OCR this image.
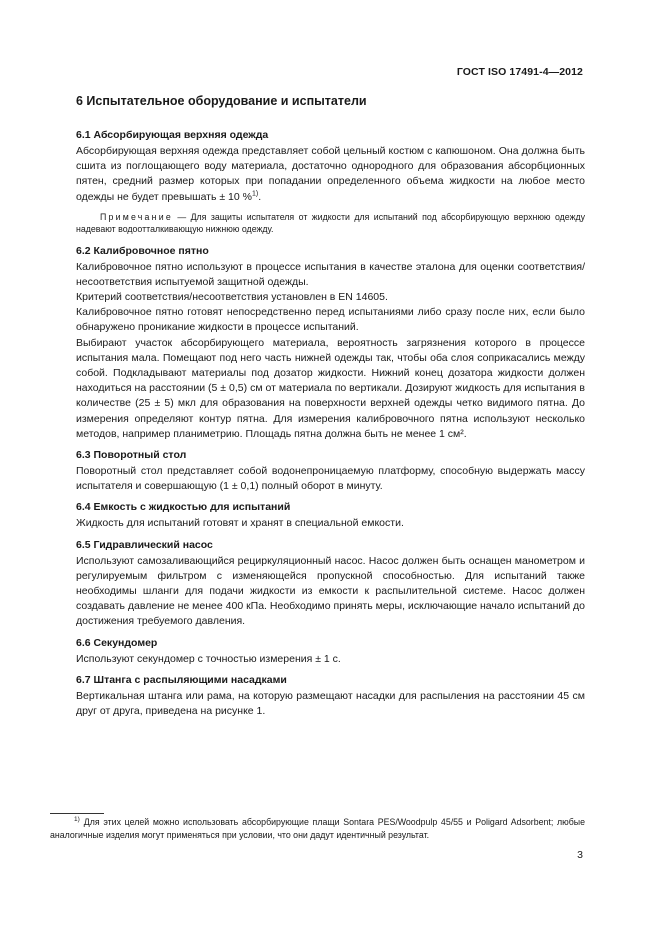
ГОСТ ISO 17491-4—2012
6 Испытательное оборудование и испытатели
6.1 Абсорбирующая верхняя одежда

Абсорбирующая верхняя одежда представляет собой цельный костюм с капюшоном. Она должна быть сшита из поглощающего воду материала, достаточно однородного для образования абсорбционных пятен, средний размер которых при попадании определенного объема жидкости на любое место одежды не будет превышать ± 10 %$^{1)}$.

Примечание — Для защиты испытателя от жидкости для испытаний под абсорбирующую верхнюю одежду надевают водоотталкивающую нижнюю одежду.

6.2 Калибровочное пятно

Калибровочное пятно используют в процессе испытания в качестве эталона для оценки соответствия/несоответствия испытуемой защитной одежды.

Критерий соответствия/несоответствия установлен в EN 14605.

Калибровочное пятно готовят непосредственно перед испытаниями либо сразу после них, если было обнаружено проникание жидкости в процессе испытаний.

Выбирают участок абсорбирующего материала, вероятность загрязнения которого в процессе испытания мала. Помещают под него часть нижней одежды так, чтобы оба слоя соприкасались между собой. Подкладывают материалы под дозатор жидкости. Нижний конец дозатора жидкости должен находиться на расстоянии (5 ± 0,5) см от материала по вертикали. Дозируют жидкость для испытания в количестве (25 ± 5) мкл для образования на поверхности верхней одежды четко видимого пятна. До измерения определяют контур пятна. Для измерения калибровочного пятна используют несколько методов, например планиметрию. Площадь пятна должна быть не менее 1 см².

6.3 Поворотный стол

Поворотный стол представляет собой водонепроницаемую платформу, способную выдержать массу испытателя и совершающую (1 ± 0,1) полный оборот в минуту.

6.4 Емкость с жидкостью для испытаний

Жидкость для испытаний готовят и хранят в специальной емкости.

6.5 Гидравлический насос

Используют самозаливающийся рециркуляционный насос. Насос должен быть оснащен манометром и регулируемым фильтром с изменяющейся пропускной способностью. Для испытаний также необходимы шланги для подачи жидкости из емкости к распылительной системе. Насос должен создавать давление не менее 400 кПа. Необходимо принять меры, исключающие начало испытаний до достижения требуемого давления.

6.6 Секундомер

Используют секундомер с точностью измерения ± 1 с.

6.7 Штанга с распыляющими насадками

Вертикальная штанга или рама, на которую размещают насадки для распыления на расстоянии 45 см друг от друга, приведена на рисунке 1.

$^{1)}$ Для этих целей можно использовать абсорбирующие плащи Sontara PES/Woodpulp 45/55 и Poligard Adsorbent; любые аналогичные изделия могут применяться при условии, что они дадут идентичный результат.

3
